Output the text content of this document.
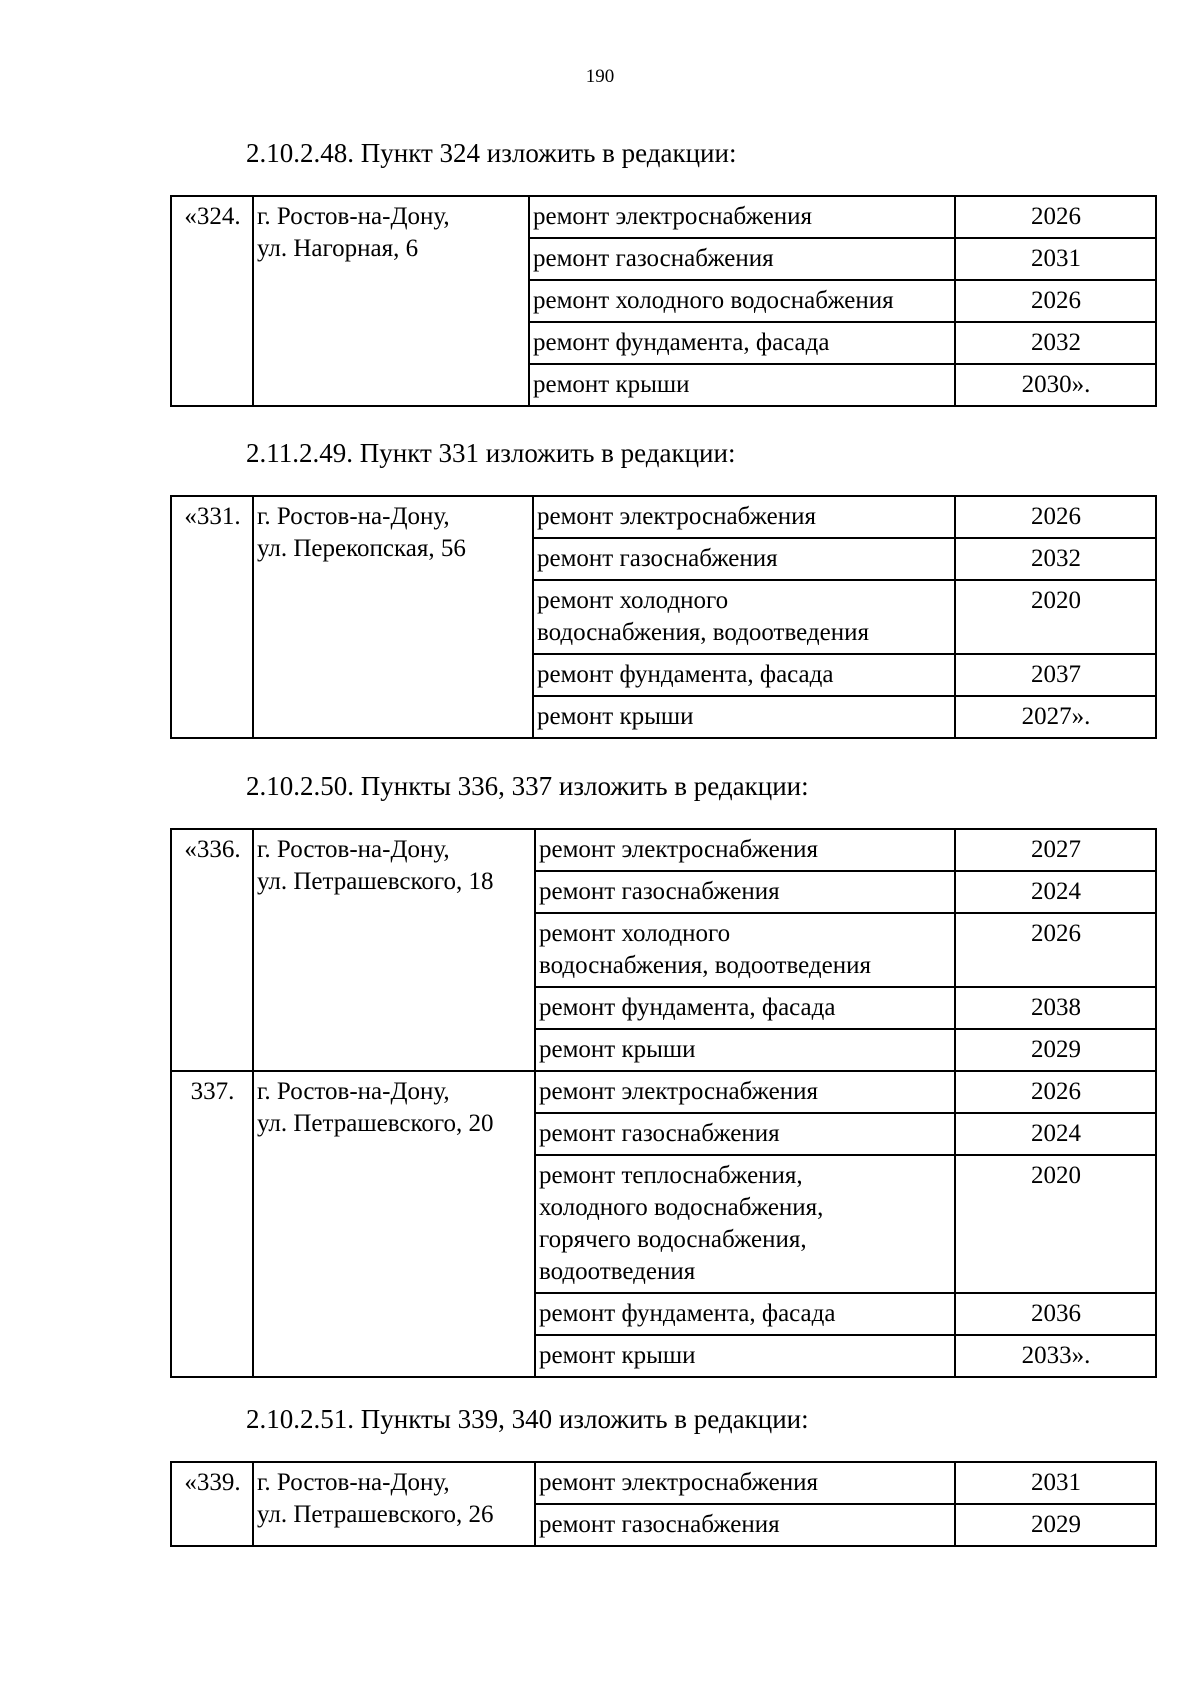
190

2.10.2.48. Пункт 324 изложить в редакции:

«324.	г. Ростов-на-Дону,
ул. Нагорная, 6	ремонт электроснабжения	2026
		ремонт газоснабжения	2031
		ремонт холодного водоснабжения	2026
		ремонт фундамента, фасада	2032
		ремонт крыши	2030».

2.11.2.49. Пункт 331 изложить в редакции:

«331.	г. Ростов-на-Дону,
ул. Перекопская, 56	ремонт электроснабжения	2026
		ремонт газоснабжения	2032
		ремонт холодного
водоснабжения, водоотведения	2020
		ремонт фундамента, фасада	2037
		ремонт крыши	2027».

2.10.2.50. Пункты 336, 337 изложить в редакции:

«336.	г. Ростов-на-Дону,
ул. Петрашевского, 18	ремонт электроснабжения	2027
		ремонт газоснабжения	2024
		ремонт холодного
водоснабжения, водоотведения	2026
		ремонт фундамента, фасада	2038
		ремонт крыши	2029
337.	г. Ростов-на-Дону,
ул. Петрашевского, 20	ремонт электроснабжения	2026
		ремонт газоснабжения	2024
		ремонт теплоснабжения,
холодного водоснабжения,
горячего водоснабжения,
водоотведения	2020
		ремонт фундамента, фасада	2036
		ремонт крыши	2033».

2.10.2.51. Пункты 339, 340 изложить в редакции:

«339.	г. Ростов-на-Дону,
ул. Петрашевского, 26	ремонт электроснабжения	2031
		ремонт газоснабжения	2029
